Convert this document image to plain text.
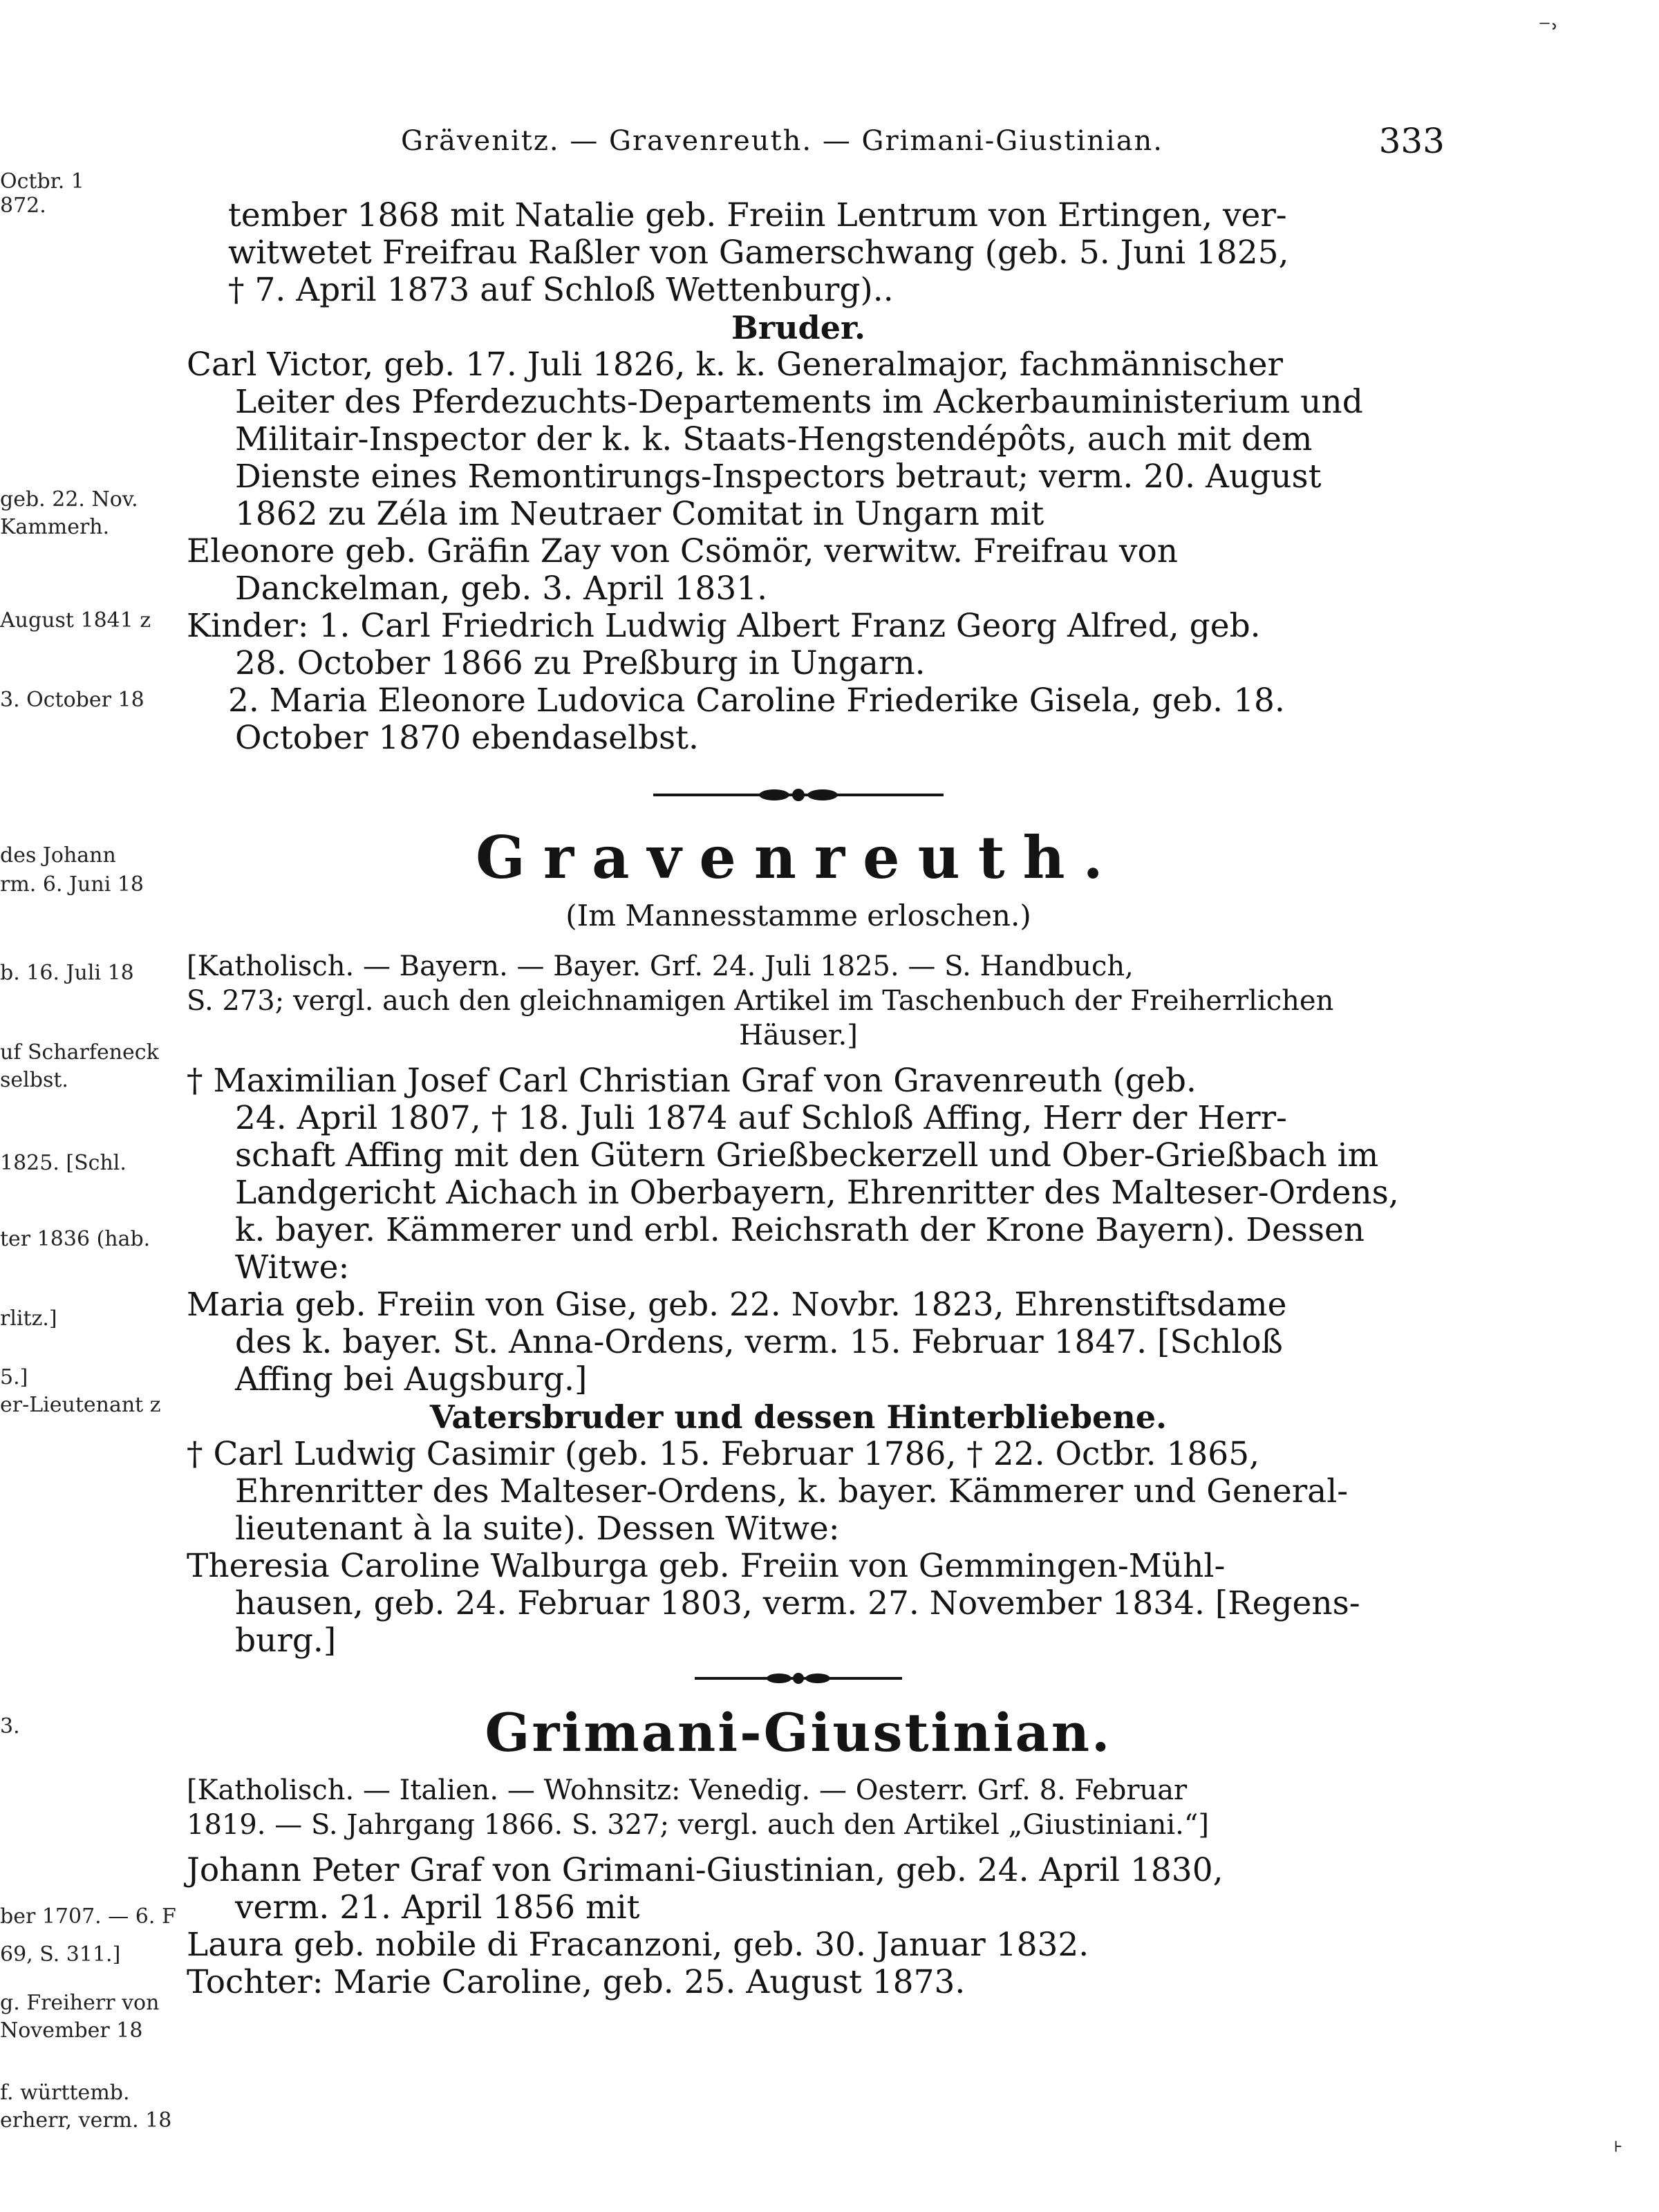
Octbr. 1
872.
geb. 22. Nov.
Kammerh.
August 1841 z
3. October 18
des Johann
rm. 6. Juni 18
b. 16. Juli 18
uf Scharfeneck
selbst.
1825. [Schl.
ter 1836 (hab.
rlitz.]
5.]
er-Lieutenant z
3.
ber 1707. — 6. F
69, S. 311.]
g. Freiherr von
November 18
f. württemb.
erherr, verm. 18
⁻˒
˫
Grävenitz. — Gravenreuth. — Grimani-Giustinian.	333

tember 1868 mit Natalie geb. Freiin Lentrum von Ertingen, ver-

witwetet Freifrau Raßler von Gamerschwang (geb. 5. Juni 1825,

† 7. April 1873 auf Schloß Wettenburg)..

Bruder.

Carl Victor, geb. 17. Juli 1826, k. k. Generalmajor, fachmännischer

Leiter des Pferdezuchts-Departements im Ackerbauministerium und

Militair-Inspector der k. k. Staats-Hengstendépôts, auch mit dem

Dienste eines Remontirungs-Inspectors betraut; verm. 20. August

1862 zu Zéla im Neutraer Comitat in Ungarn mit

Eleonore geb. Gräfin Zay von Csömör, verwitw. Freifrau von

Danckelman, geb. 3. April 1831.

Kinder: 1. Carl Friedrich Ludwig Albert Franz Georg Alfred, geb.

28. October 1866 zu Preßburg in Ungarn.

2. Maria Eleonore Ludovica Caroline Friederike Gisela, geb. 18.

October 1870 ebendaselbst.

Gravenreuth.
(Im Mannesstamme erloschen.)
[Katholisch. — Bayern. — Bayer. Grf. 24. Juli 1825. — S. Handbuch,
S. 273; vergl. auch den gleichnamigen Artikel im Taschenbuch der Freiherrlichen
Häuser.]

† Maximilian Josef Carl Christian Graf von Gravenreuth (geb.

24. April 1807, † 18. Juli 1874 auf Schloß Affing, Herr der Herr-

schaft Affing mit den Gütern Grießbeckerzell und Ober-Grießbach im

Landgericht Aichach in Oberbayern, Ehrenritter des Malteser-Ordens,

k. bayer. Kämmerer und erbl. Reichsrath der Krone Bayern). Dessen

Witwe:

Maria geb. Freiin von Gise, geb. 22. Novbr. 1823, Ehrenstiftsdame

des k. bayer. St. Anna-Ordens, verm. 15. Februar 1847. [Schloß

Affing bei Augsburg.]

Vatersbruder und dessen Hinterbliebene.

† Carl Ludwig Casimir (geb. 15. Februar 1786, † 22. Octbr. 1865,

Ehrenritter des Malteser-Ordens, k. bayer. Kämmerer und General-

lieutenant à la suite). Dessen Witwe:

Theresia Caroline Walburga geb. Freiin von Gemmingen-Mühl-

hausen, geb. 24. Februar 1803, verm. 27. November 1834. [Regens-

burg.]

Grimani-Giustinian.
[Katholisch. — Italien. — Wohnsitz: Venedig. — Oesterr. Grf. 8. Februar
1819. — S. Jahrgang 1866. S. 327; vergl. auch den Artikel „Giustiniani.“]

Johann Peter Graf von Grimani-Giustinian, geb. 24. April 1830,

verm. 21. April 1856 mit

Laura geb. nobile di Fracanzoni, geb. 30. Januar 1832.

Tochter: Marie Caroline, geb. 25. August 1873.
